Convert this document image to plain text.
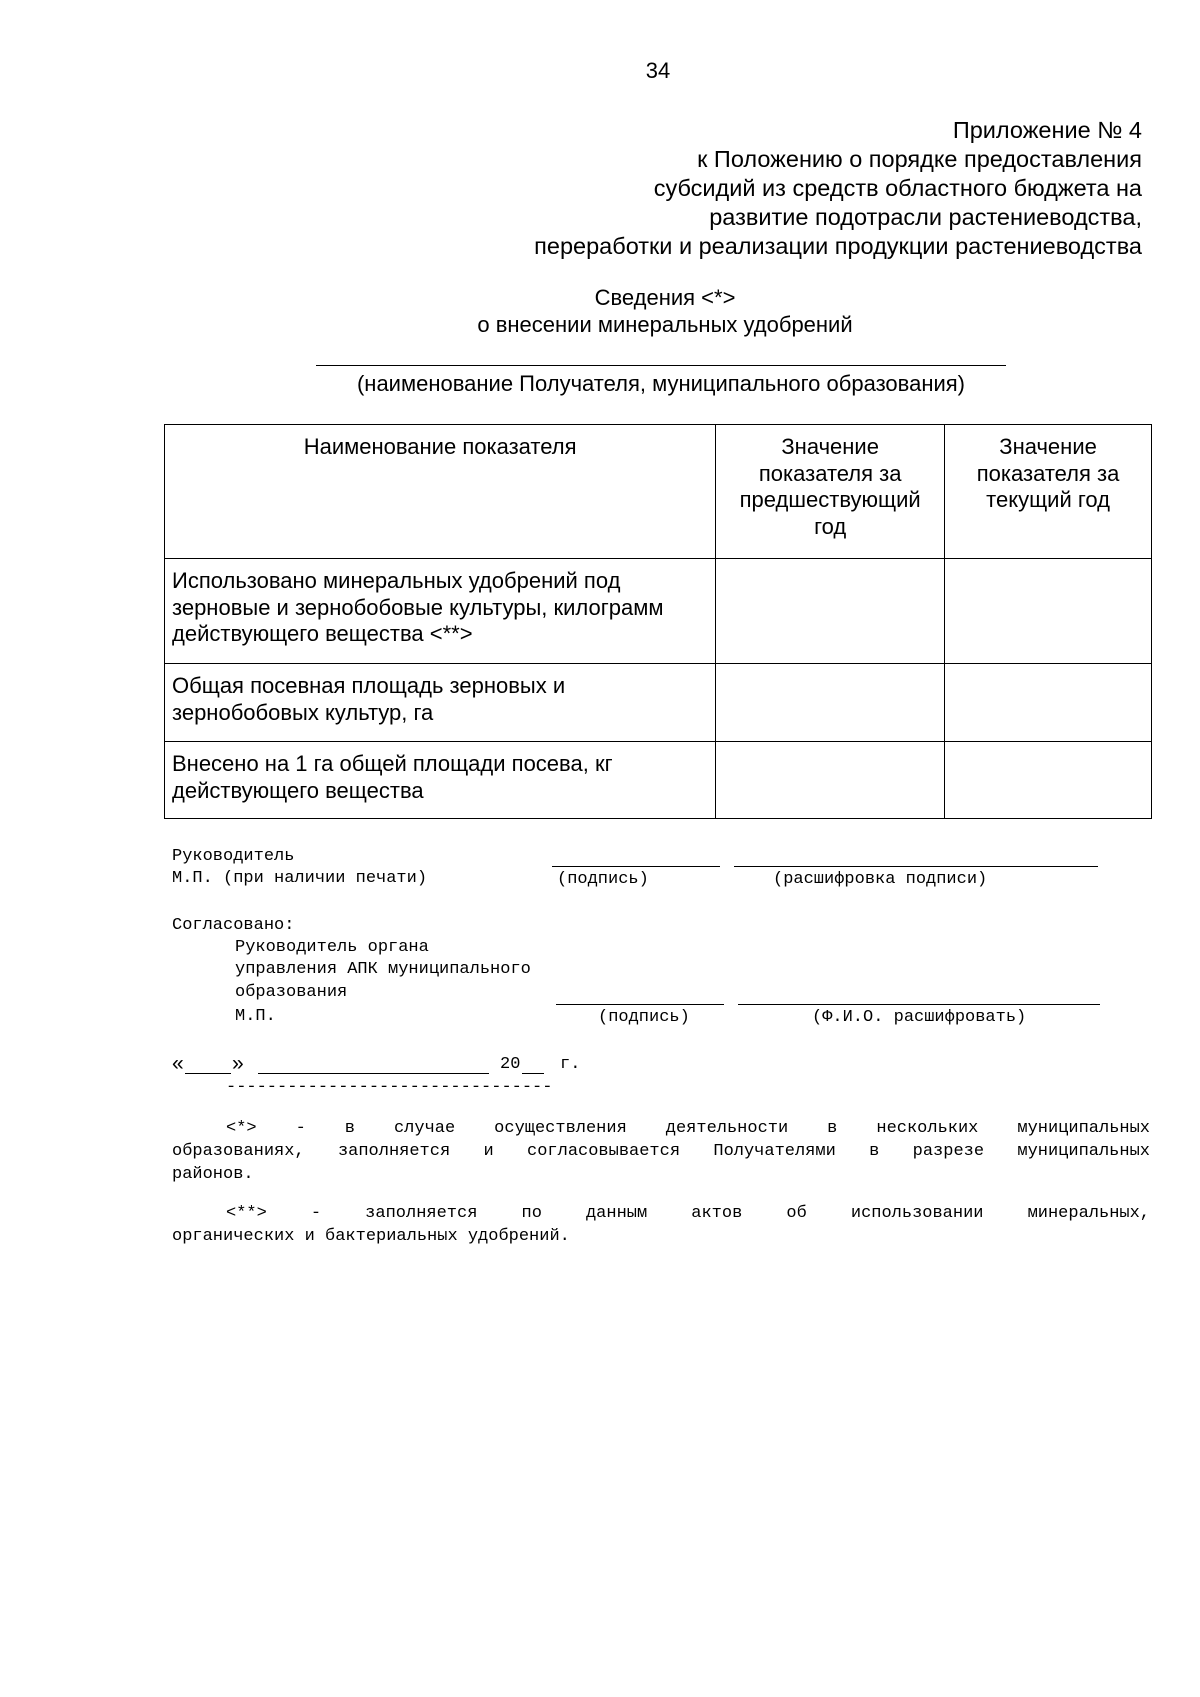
34
Приложение № 4
к Положению о порядке предоставления
субсидий из средств областного бюджета на
развитие подотрасли растениеводства,
переработки и реализации продукции растениеводства
Сведения <*>
о внесении минеральных удобрений
(наименование Получателя, муниципального образования)
Наименование показателя	Значение показателя за предшествующий год	Значение показателя за текущий год
Использовано минеральных удобрений под зерновые и зернобобовые культуры, килограмм действующего вещества <**>		
Общая посевная площадь зерновых и зернобобовых культур, га		
Внесено на 1 га общей площади посева, кг действующего вещества		
Руководитель
М.П. (при наличии печати)	(подпись)	(расшифровка подписи)
Согласовано:
Руководитель органа
управления АПК муниципального
образования
М.П.	(подпись)	(Ф.И.О. расшифровать)
« »	20 г.
--------------------------------
<*> - в случае осуществления деятельности в нескольких муниципальных
образованиях, заполняется и согласовывается Получателями в разрезе муниципальных
районов.
<**> - заполняется по данным актов об использовании минеральных,
органических и бактериальных удобрений.
